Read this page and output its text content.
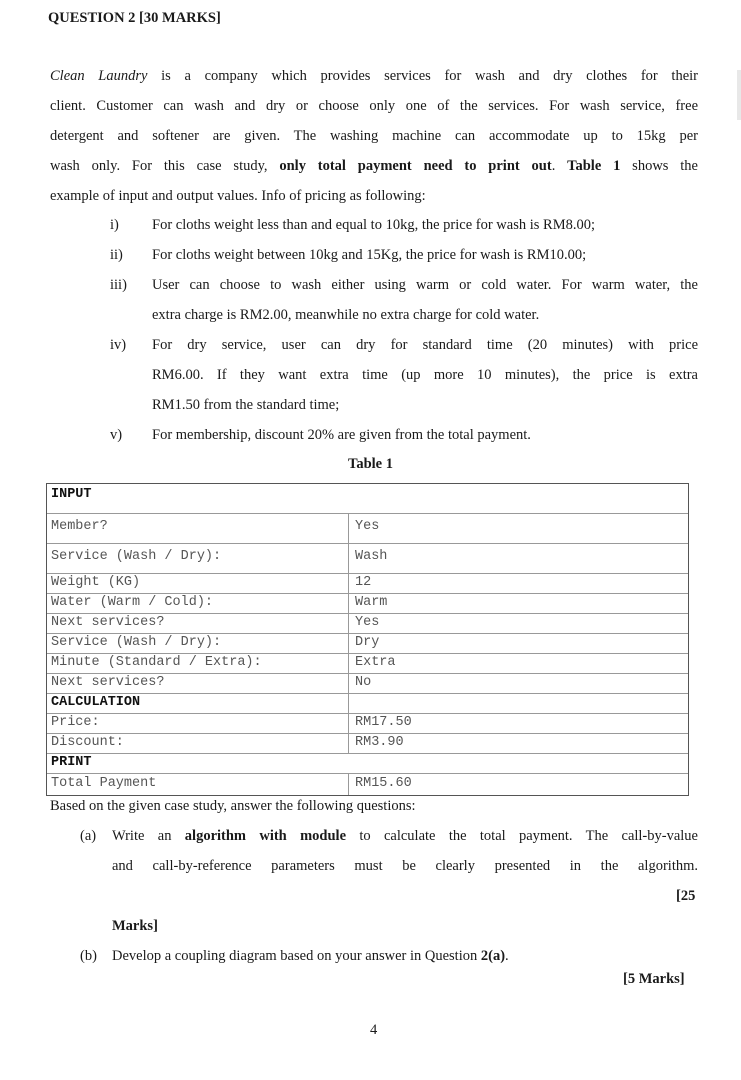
QUESTION 2 [30 MARKS]
Clean Laundry is a company which provides services for wash and dry clothes for their
client. Customer can wash and dry or choose only one of the services. For wash service, free
detergent and softener are given. The washing machine can accommodate up to 15kg per
wash only. For this case study, only total payment need to print out. Table 1 shows the
example of input and output values. Info of pricing as following:
i) For cloths weight less than and equal to 10kg, the price for wash is RM8.00;
ii) For cloths weight between 10kg and 15Kg, the price for wash is RM10.00;
iii) User can choose to wash either using warm or cold water. For warm water, the
extra charge is RM2.00, meanwhile no extra charge for cold water.
iv) For dry service, user can dry for standard time (20 minutes) with price
RM6.00. If they want extra time (up more 10 minutes), the price is extra
RM1.50 from the standard time;
v) For membership, discount 20% are given from the total payment.
Table 1
INPUT
Member?	Yes
Service (Wash / Dry):	Wash
Weight (KG)	12
Water (Warm / Cold):	Warm
Next services?	Yes
Service (Wash / Dry):	Dry
Minute (Standard / Extra):	Extra
Next services?	No
CALCULATION
Price:	RM17.50
Discount:	RM3.90
PRINT
Total Payment	RM15.60
Based on the given case study, answer the following questions:
(a) Write an algorithm with module to calculate the total payment. The call-by-value
and call-by-reference parameters must be clearly presented in the algorithm.
[25
Marks]
(b) Develop a coupling diagram based on your answer in Question 2(a).
[5 Marks]
4
